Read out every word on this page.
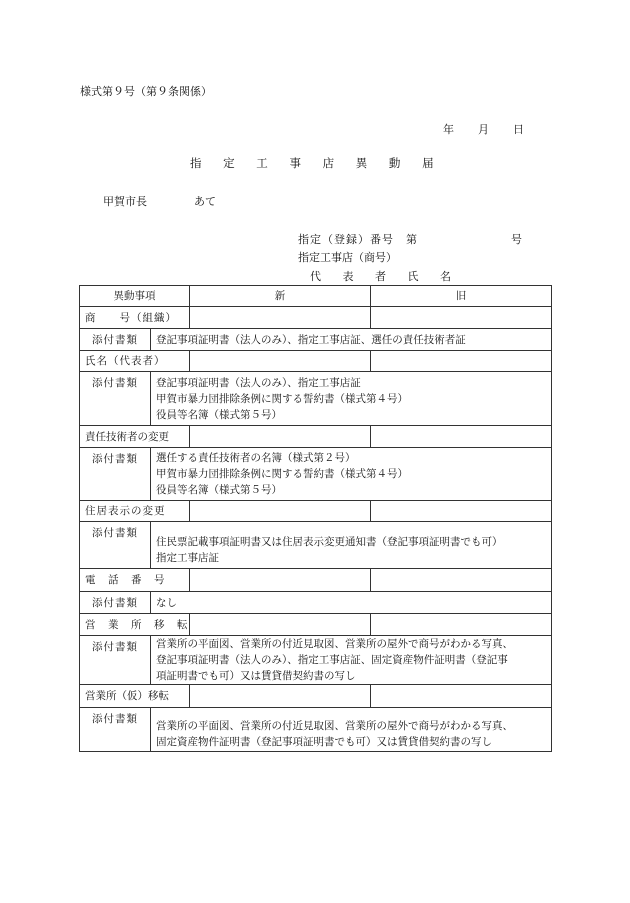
様式第９号（第９条関係）
年 月 日
指 定 工 事 店 異 動 届
甲賀市長	あて
指定（登録）番号　第	号
指定工事店（商号）
代 表 者 氏 名
異動事項		新	旧
商　　号（組織）			
添付書類	登記事項証明書（法人のみ）、指定工事店証、選任の責任技術者証		

氏名（代表者）			
添付書類	登記事項証明書（法人のみ）、指定工事店証
甲賀市暴力団排除条例に関する誓約書（様式第４号）
役員等名簿（様式第５号）		

責任技術者の変更			
添付書類	選任する責任技術者の名簿（様式第２号）
甲賀市暴力団排除条例に関する誓約書（様式第４号）
役員等名簿（様式第５号）		

住居表示の変更			
添付書類	住民票記載事項証明書又は住居表示変更通知書（登記事項証明書でも可）
指定工事店証		

電　話　番　号			
添付書類	なし		

営　業　所　移　転			
添付書類	営業所の平面図、営業所の付近見取図、営業所の屋外で商号がわかる写真、
登記事項証明書（法人のみ）、指定工事店証、固定資産物件証明書（登記事
項証明書でも可）又は賃貸借契約書の写し		

営業所（仮）移転			
添付書類	営業所の平面図、営業所の付近見取図、営業所の屋外で商号がわかる写真、
固定資産物件証明書（登記事項証明書でも可）又は賃貸借契約書の写し		
